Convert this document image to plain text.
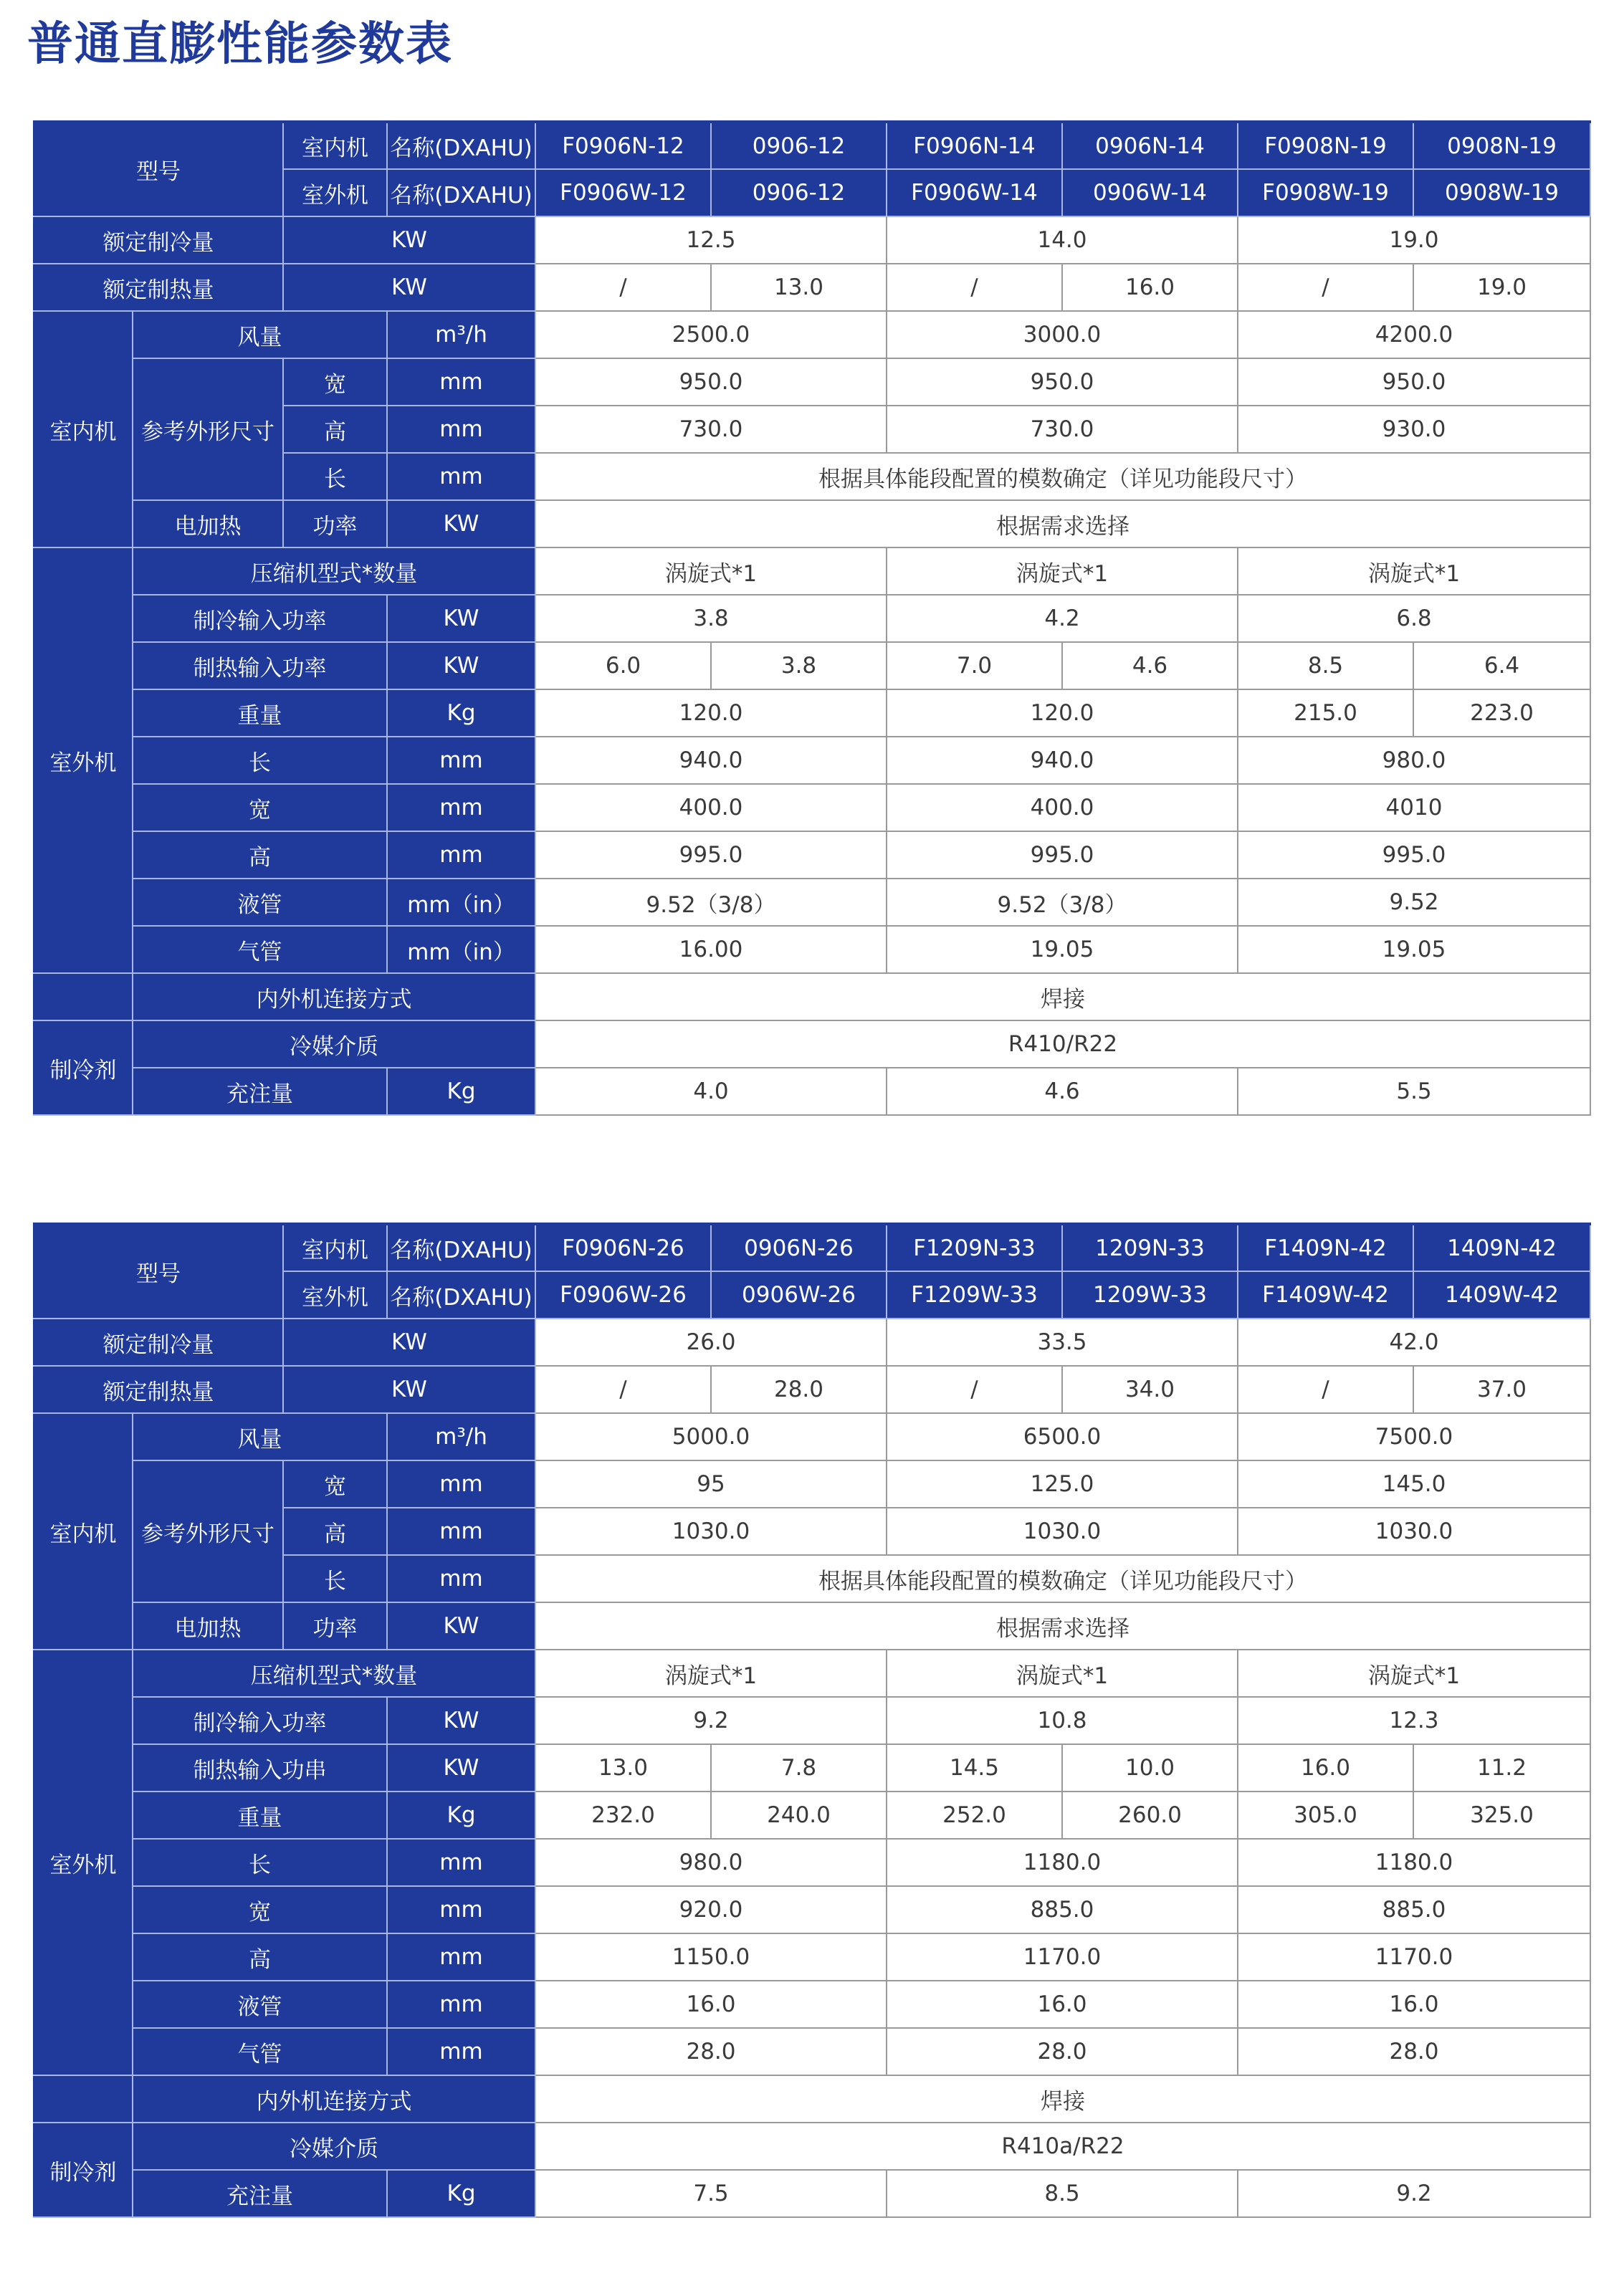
普通直膨性能参数表
型号		室内机	名称(DXAHU)	F0906N-12	0906-12	F0906N-14	0906N-14	F0908N-19	0908N-19
		室外机	名称(DXAHU)	F0906W-12	0906-12	F0906W-14	0906W-14	F0908W-19	0908W-19
额定制冷量		KW		12.5		14.0		19.0	
额定制热量		KW		/	13.0	/	16.0	/	19.0
室内机	风量		m³/h	2500.0		3000.0		4200.0	
	参考外形尺寸	宽	mm	950.0		950.0		950.0	
		高	mm	730.0		730.0		930.0	
		长	mm	根据具体能段配置的模数确定（详见功能段尺寸）					
	电加热	功率	KW	根据需求选择					
室外机	压缩机型式*数量			涡旋式*1		涡旋式*1		涡旋式*1	
	制冷输入功率		KW	3.8		4.2		6.8	
	制热输入功率		KW	6.0	3.8	7.0	4.6	8.5	6.4
	重量		Kg	120.0		120.0		215.0	223.0
	长		mm	940.0		940.0		980.0	
	宽		mm	400.0		400.0		4010	
	高		mm	995.0		995.0		995.0	
	液管		mm（in）	9.52（3/8）		9.52（3/8）		9.52	
	气管		mm（in）	16.00		19.05		19.05	
	内外机连接方式			焊接					
制冷剂	冷媒介质			R410/R22					
	充注量		Kg	4.0		4.6		5.5	
型号		室内机	名称(DXAHU)	F0906N-26	0906N-26	F1209N-33	1209N-33	F1409N-42	1409N-42
		室外机	名称(DXAHU)	F0906W-26	0906W-26	F1209W-33	1209W-33	F1409W-42	1409W-42
额定制冷量		KW		26.0		33.5		42.0	
额定制热量		KW		/	28.0	/	34.0	/	37.0
室内机	风量		m³/h	5000.0		6500.0		7500.0	
	参考外形尺寸	宽	mm	95		125.0		145.0	
		高	mm	1030.0		1030.0		1030.0	
		长	mm	根据具体能段配置的模数确定（详见功能段尺寸）					
	电加热	功率	KW	根据需求选择					
室外机	压缩机型式*数量			涡旋式*1		涡旋式*1		涡旋式*1	
	制冷输入功率		KW	9.2		10.8		12.3	
	制热输入功串		KW	13.0	7.8	14.5	10.0	16.0	11.2
	重量		Kg	232.0	240.0	252.0	260.0	305.0	325.0
	长		mm	980.0		1180.0		1180.0	
	宽		mm	920.0		885.0		885.0	
	高		mm	1150.0		1170.0		1170.0	
	液管		mm	16.0		16.0		16.0	
	气管		mm	28.0		28.0		28.0	
	内外机连接方式			焊接					
制冷剂	冷媒介质			R410a/R22					
	充注量		Kg	7.5		8.5		9.2	
